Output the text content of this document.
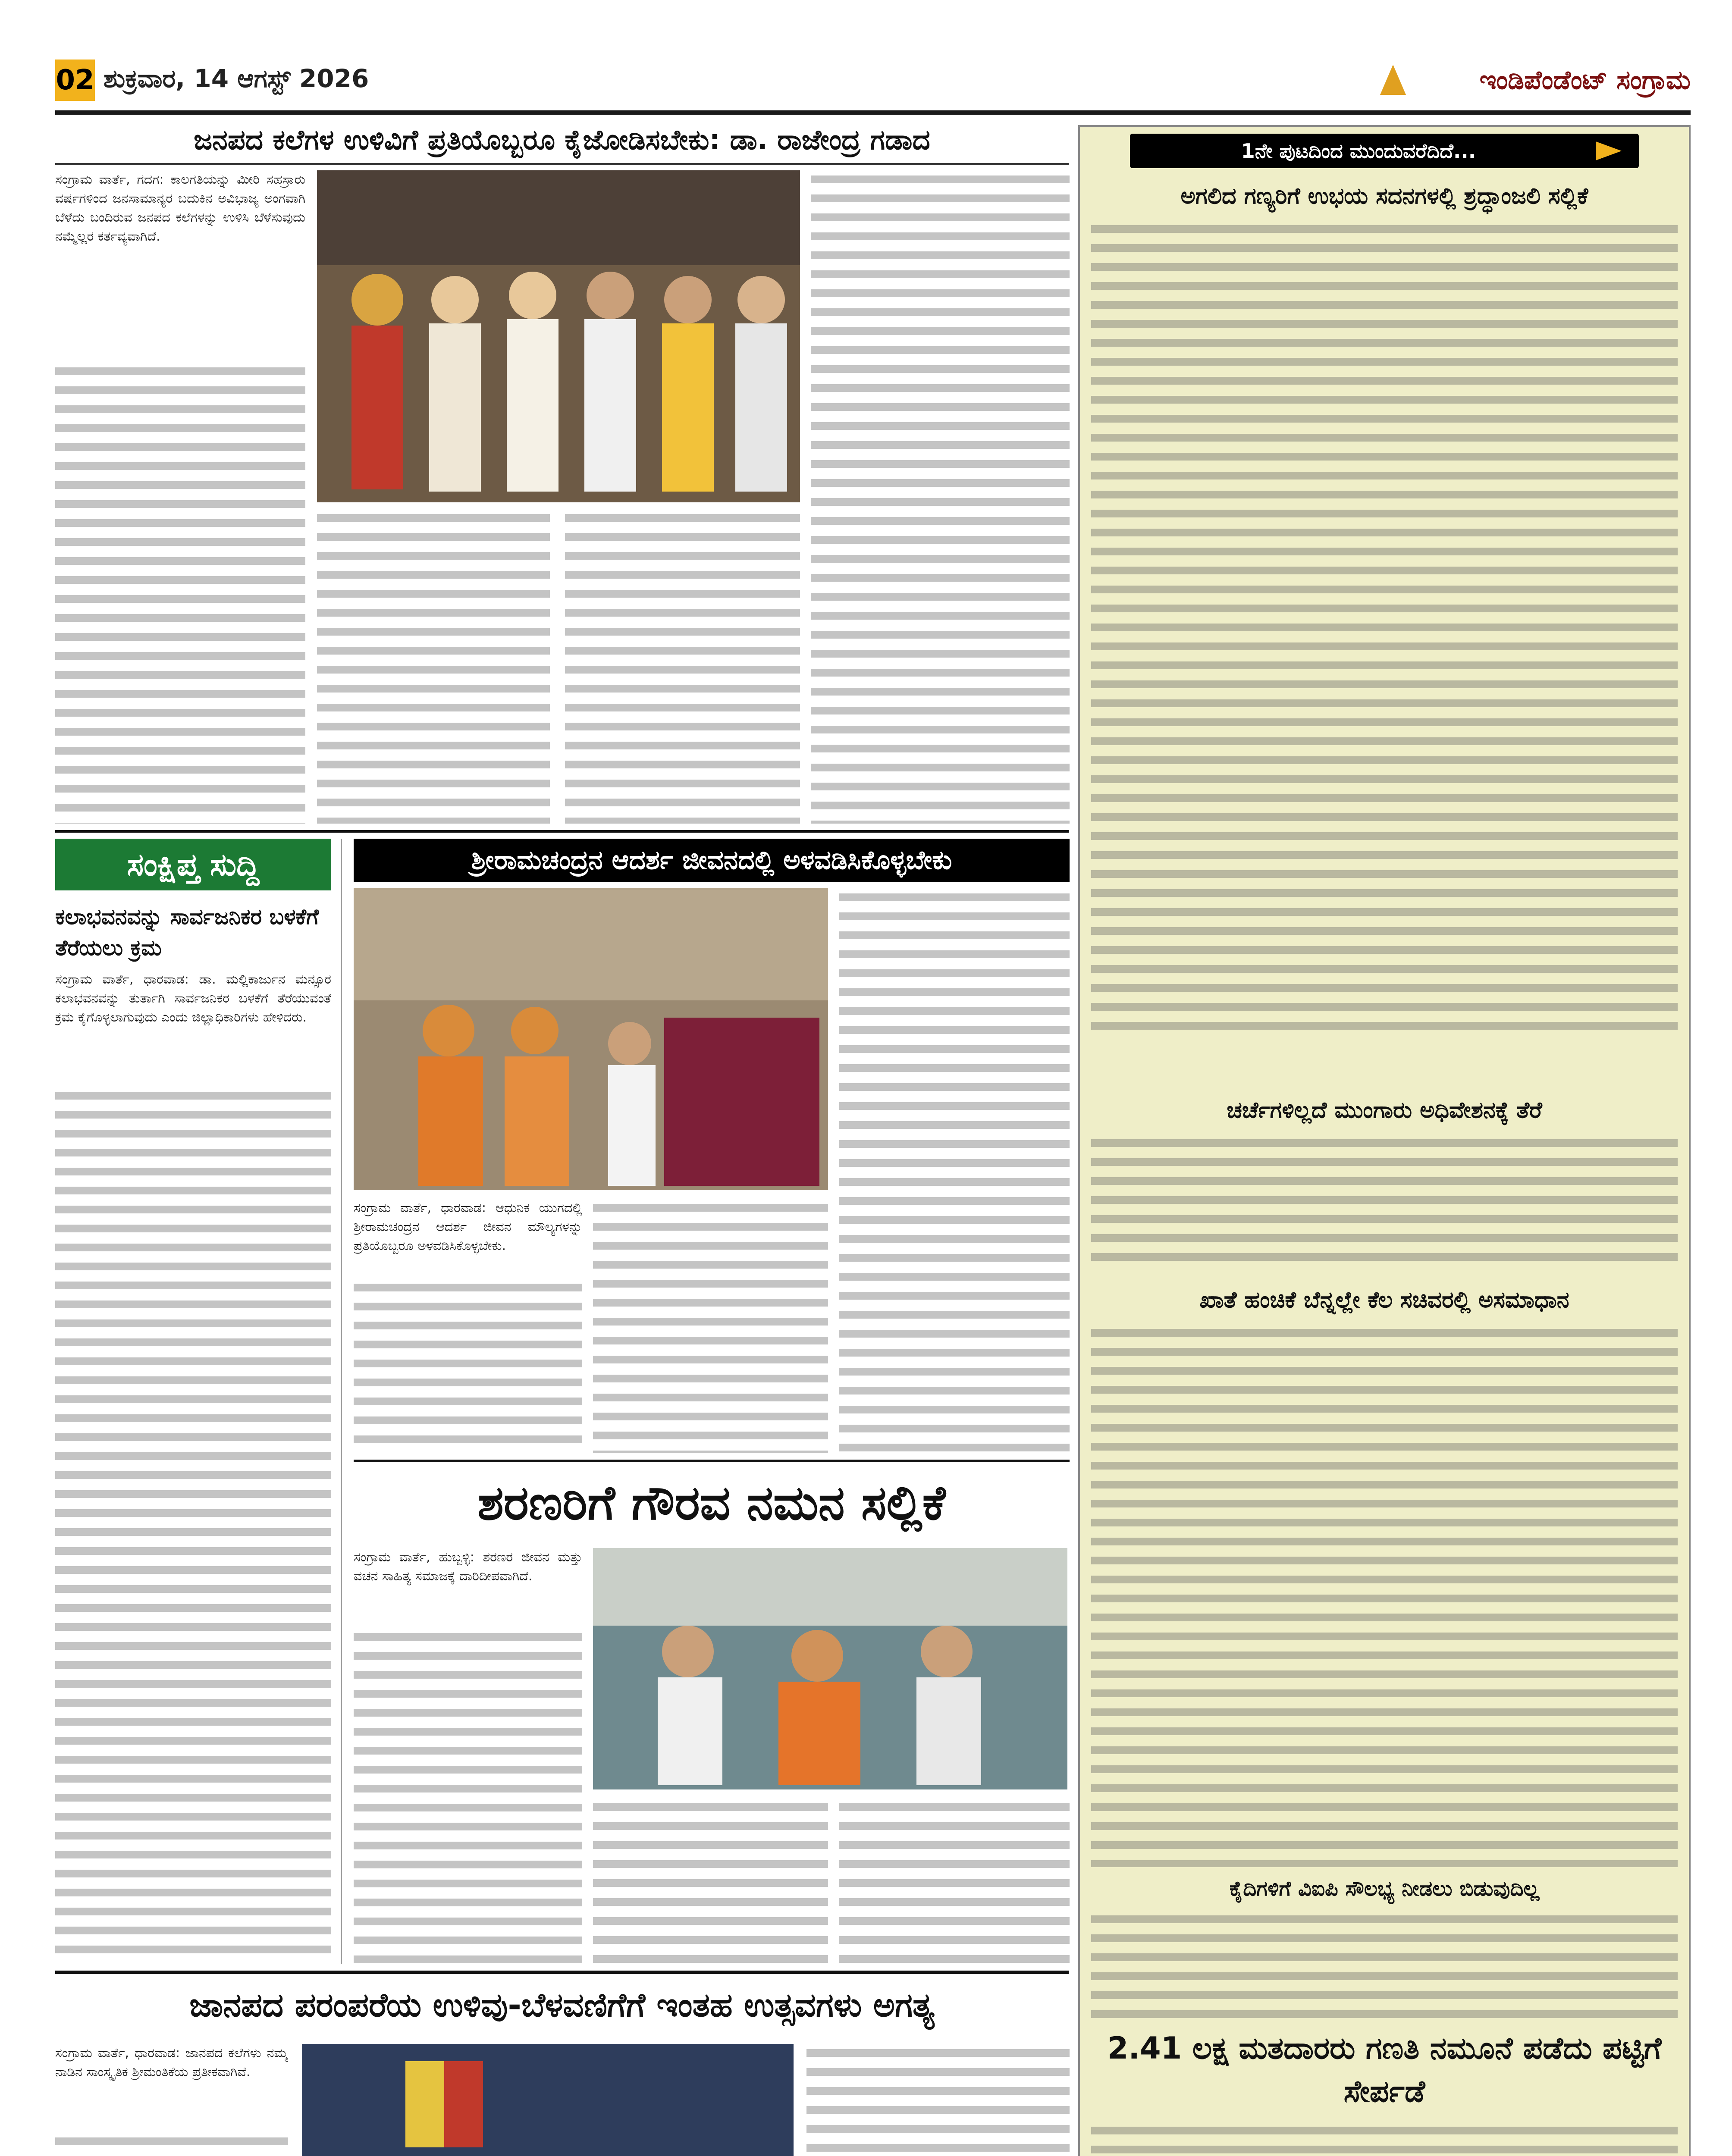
02 ಶುಕ್ರವಾರ, 14 ಆಗಸ್ಟ್ 2026	ಇಂಡಿಪೆಂಡೆಂಟ್ ಸಂಗ್ರಾಮ
ಜನಪದ ಕಲೆಗಳ ಉಳಿವಿಗೆ ಪ್ರತಿಯೊಬ್ಬರೂ ಕೈಜೋಡಿಸಬೇಕು: ಡಾ. ರಾಜೇಂದ್ರ ಗಡಾದ
ಸಂಗ್ರಾಮ ವಾರ್ತೆ, ಗದಗ: ಕಾಲಗತಿಯನ್ನು ಮೀರಿ ಸಹಸ್ರಾರು ವರ್ಷಗಳಿಂದ ಜನಸಾಮಾನ್ಯರ ಬದುಕಿನ ಅವಿಭಾಜ್ಯ ಅಂಗವಾಗಿ ಬೆಳೆದು ಬಂದಿರುವ ಜನಪದ ಕಲೆಗಳನ್ನು ಉಳಿಸಿ ಬೆಳೆಸುವುದು ನಮ್ಮೆಲ್ಲರ ಕರ್ತವ್ಯವಾಗಿದೆ.
ಸಂಕ್ಷಿಪ್ತ ಸುದ್ದಿ
ಕಲಾಭವನವನ್ನು ಸಾರ್ವಜನಿಕರ ಬಳಕೆಗೆ ತೆರೆಯಲು ಕ್ರಮ
ಸಂಗ್ರಾಮ ವಾರ್ತೆ, ಧಾರವಾಡ: ಡಾ. ಮಲ್ಲಿಕಾರ್ಜುನ ಮನ್ಸೂರ ಕಲಾಭವನವನ್ನು ತುರ್ತಾಗಿ ಸಾರ್ವಜನಿಕರ ಬಳಕೆಗೆ ತೆರೆಯುವಂತೆ ಕ್ರಮ ಕೈಗೊಳ್ಳಲಾಗುವುದು ಎಂದು ಜಿಲ್ಲಾಧಿಕಾರಿಗಳು ಹೇಳಿದರು.
ಶ್ರೀರಾಮಚಂದ್ರನ ಆದರ್ಶ ಜೀವನದಲ್ಲಿ ಅಳವಡಿಸಿಕೊಳ್ಳಬೇಕು
ಸಂಗ್ರಾಮ ವಾರ್ತೆ, ಧಾರವಾಡ: ಆಧುನಿಕ ಯುಗದಲ್ಲಿ ಶ್ರೀರಾಮಚಂದ್ರನ ಆದರ್ಶ ಜೀವನ ಮೌಲ್ಯಗಳನ್ನು ಪ್ರತಿಯೊಬ್ಬರೂ ಅಳವಡಿಸಿಕೊಳ್ಳಬೇಕು.
ಶರಣರಿಗೆ ಗೌರವ ನಮನ ಸಲ್ಲಿಕೆ
ಸಂಗ್ರಾಮ ವಾರ್ತೆ, ಹುಬ್ಬಳ್ಳಿ: ಶರಣರ ಜೀವನ ಮತ್ತು ವಚನ ಸಾಹಿತ್ಯ ಸಮಾಜಕ್ಕೆ ದಾರಿದೀಪವಾಗಿದೆ.
ಜಾನಪದ ಪರಂಪರೆಯ ಉಳಿವು-ಬೆಳವಣಿಗೆಗೆ ಇಂತಹ ಉತ್ಸವಗಳು ಅಗತ್ಯ
ಸಂಗ್ರಾಮ ವಾರ್ತೆ, ಧಾರವಾಡ: ಜಾನಪದ ಕಲೆಗಳು ನಮ್ಮ ನಾಡಿನ ಸಾಂಸ್ಕೃತಿಕ ಶ್ರೀಮಂತಿಕೆಯ ಪ್ರತೀಕವಾಗಿವೆ.
1ನೇ ಪುಟದಿಂದ ಮುಂದುವರೆದಿದೆ...
ಅಗಲಿದ ಗಣ್ಯರಿಗೆ ಉಭಯ ಸದನಗಳಲ್ಲಿ ಶ್ರದ್ಧಾಂಜಲಿ ಸಲ್ಲಿಕೆ
ಚರ್ಚೆಗಳಿಲ್ಲದೆ ಮುಂಗಾರು ಅಧಿವೇಶನಕ್ಕೆ ತೆರೆ
ಖಾತೆ ಹಂಚಿಕೆ ಬೆನ್ನಲ್ಲೇ ಕೆಲ ಸಚಿವರಲ್ಲಿ ಅಸಮಾಧಾನ
ಕೈದಿಗಳಿಗೆ ವಿಐಪಿ ಸೌಲಭ್ಯ ನೀಡಲು ಬಿಡುವುದಿಲ್ಲ
2.41 ಲಕ್ಷ ಮತದಾರರು ಗಣತಿ ನಮೂನೆ ಪಡೆದು ಪಟ್ಟಿಗೆ ಸೇರ್ಪಡೆ
